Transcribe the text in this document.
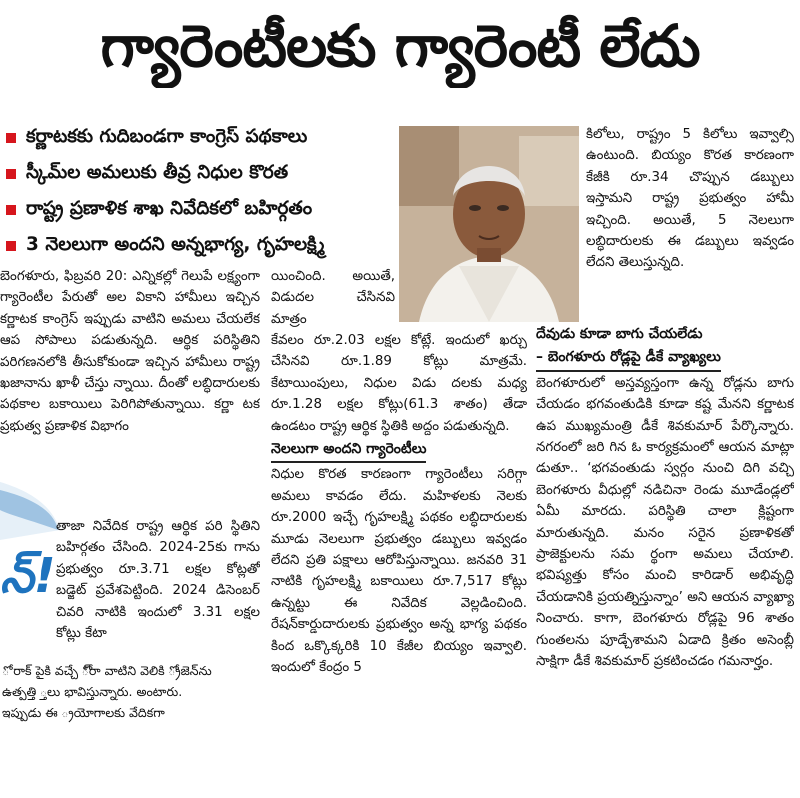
గ్యారెంటీలకు గ్యారెంటీ లేదు
కర్ణాటకకు గుదిబండగా కాంగ్రెస్ పథకాలు
స్కీమ్‌ల అమలుకు తీవ్ర నిధుల కొరత
రాష్ట్ర ప్రణాళిక శాఖ నివేదికలో బహిర్గతం
3 నెలలుగా అందని అన్నభాగ్య, గృహలక్ష్మి

బెంగళూరు, ఫిబ్రవరి 20: ఎన్నికల్లో గెలుపే లక్ష్యంగా గ్యారెంటీల పేరుతో అల వికాని హామీలు ఇచ్చిన కర్ణాటక కాంగ్రెస్ ఇప్పుడు వాటిని అమలు చేయలేక ఆప సోపాలు పడుతున్నది. ఆర్థిక పరిస్థితిని పరిగణనలోకి తీసుకోకుండా ఇచ్చిన హామీలు రాష్ట్ర ఖజానాను ఖాళీ చేస్తు న్నాయి. దీంతో లబ్ధిదారులకు పథకాల బకాయిలు పెరిగిపోతున్నాయి. కర్ణా టక ప్రభుత్వ ప్రణాళిక విభాగం

న్!
ో రాక్ పైకి వచ్చే ో్రా వాటిని వెలికి ్రోజెన్‌ను ఉత్పత్తి ్తలు భావిస్తున్నారు. అంటారు. ఇప్పుడు ఈ ్రయోగాలకు వేదికగా

తాజా నివేదిక రాష్ట్ర ఆర్థిక పరి స్థితిని బహిర్గతం చేసింది. 2024-25కు గాను ప్రభుత్వం రూ.3.71 లక్షల కోట్లతో బడ్జెట్ ప్రవేశపెట్టింది. 2024 డిసెంబర్ చివరి నాటికి ఇందులో 3.31 లక్షల కోట్లు కేటా

యించింది. అయితే, విడుదల చేసినవి మాత్రం

కేవలం రూ.2.03 లక్షల కోట్లే. ఇందులో ఖర్చు చేసినవి రూ.1.89 కోట్లు మాత్రమే. కేటాయింపులు, నిధుల విడు దలకు మధ్య రూ.1.28 లక్షల కోట్లు(61.3 శాతం) తేడా ఉండటం రాష్ట్ర ఆర్థిక స్థితికి అద్దం పడుతున్నది.

నెలలుగా అందని గ్యారెంటీలు

నిధుల కొరత కారణంగా గ్యారెంటీలు సరిగ్గా అమలు కావడం లేదు. మహిళలకు నెలకు రూ.2000 ఇచ్చే గృహలక్ష్మి పథకం లబ్ధిదారులకు మూడు నెలలుగా ప్రభుత్వం డబ్బులు ఇవ్వడం లేదని ప్రతి పక్షాలు ఆరోపిస్తున్నాయి. జనవరి 31 నాటికి గృహలక్ష్మి బకాయిలు రూ.7,517 కోట్లు ఉన్నట్టు ఈ నివేదిక వెల్లడించింది. రేషన్‌కార్డుదారులకు ప్రభుత్వం అన్న భాగ్య పథకం కింద ఒక్కొక్కరికి 10 కేజీల బియ్యం ఇవ్వాలి. ఇందులో కేంద్రం 5

కిలోలు, రాష్ట్రం 5 కిలోలు ఇవ్వాల్సి ఉంటుంది. బియ్యం కొరత కారణంగా కేజీకి రూ.34 చొప్పున డబ్బులు ఇస్తామని రాష్ట్ర ప్రభుత్వం హామీ ఇచ్చింది. అయితే, 5 నెలలుగా లబ్ధిదారులకు ఈ డబ్బులు ఇవ్వడం లేదని తెలుస్తున్నది.

దేవుడు కూడా బాగు చేయలేడు
– బెంగళూరు రోడ్లపై డీకే వ్యాఖ్యలు

బెంగళూరులో అస్తవ్యస్తంగా ఉన్న రోడ్లను బాగు చేయడం భగవంతుడికి కూడా కష్ట మేనని కర్ణాటక ఉప ముఖ్యమంత్రి డీకే శివకుమార్ పేర్కొన్నారు. నగరంలో జరి గిన ఓ కార్యక్రమంలో ఆయన మాట్లా డుతూ.. ‘భగవంతుడు స్వర్గం నుంచి దిగి వచ్చి బెంగళూరు వీధుల్లో నడిచినా రెండు మూడేండ్లలో ఏమీ మారదు. పరిస్థితి చాలా క్లిష్టంగా మారుతున్నది. మనం సరైన ప్రణాళికతో ప్రాజెక్టులను సమ ర్థంగా అమలు చేయాలి. భవిష్యత్తు కోసం మంచి కారిడార్ అభివృద్ధి చేయడానికి ప్రయత్నిస్తున్నాం’ అని ఆయన వ్యాఖ్యా నించారు. కాగా, బెంగళూరు రోడ్లపై 96 శాతం గుంతలను పూడ్చేశామని ఏడాది క్రితం అసెంబ్లీ సాక్షిగా డీకే శివకుమార్ ప్రకటించడం గమనార్హం.
